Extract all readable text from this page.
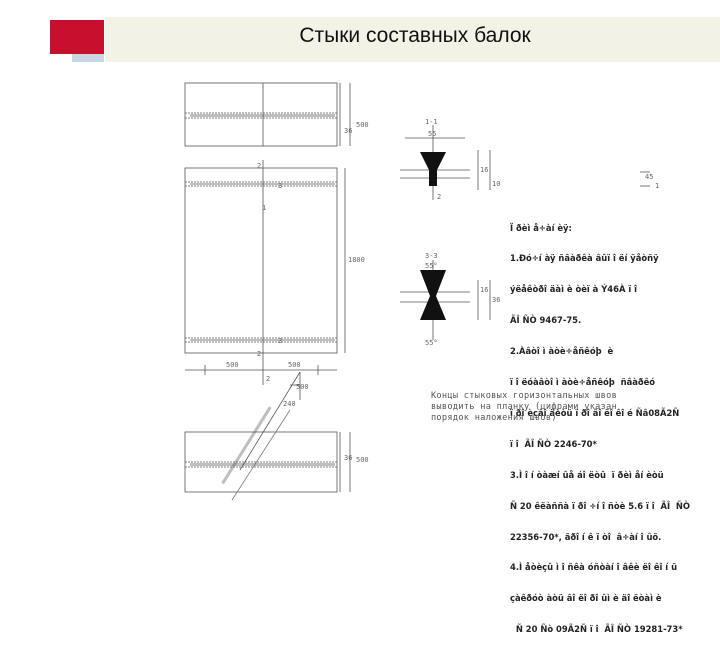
Стыки составных балок
36
500
2
3
1
1800
2
3
500	500
2
500
240
36 500
1-1
55
16
10
2
45
1
3-3
55°
55°
36
16

Ï ðèì å÷àí èÿ:

1.Ðó÷í àÿ ñâàðêà âûï î ëí ÿåòñÿ

ýëåêòðî äàì è òèï à Ý46À ï î

ÃÎ ÑÒ 9467-75.

2.Àâòî ì àòè÷åñêóþ  è

ï î ëóàâòî ì àòè÷åñêóþ  ñâàðêó

ï ðî èçâî äèòü ï ðî âî ëî êî é Ñâ08Ã2Ñ

ï î  ÃÎ ÑÒ 2246-70*

3.Ì î í òàæí ûå áî ëòû  ï ðèì åí èòü

Ñ 20 êëàññà ï ðî ÷í î ñòè 5.6 ï î  ÃÎ  ÑÒ

22356-70*, ãðî í ê ï òî  â÷àí î ûõ.

4.Ì åòèçû ì î ñêà óñòàí î âêè ëî êî í ü

çàêðóò àòü âî ëî ðî ûì è äî ëòàì è

Ñ 20 Ñò 09Ã2Ñ ï î  ÃÎ ÑÒ 19281-73*

Концы стыковых горизонтальных швов
выводить на планку (цифрами указан
порядок наложения швов)
